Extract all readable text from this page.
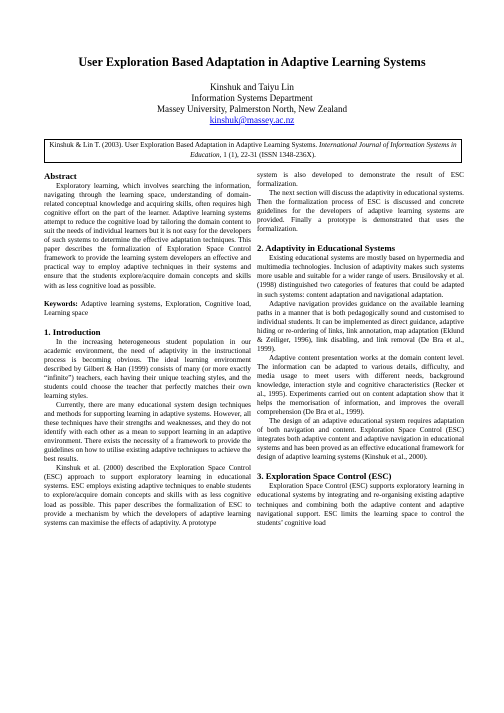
User Exploration Based Adaptation in Adaptive Learning Systems
Kinshuk and Taiyu Lin
Information Systems Department
Massey University, Palmerston North, New Zealand
kinshuk@massey.ac.nz
Kinshuk & Lin T. (2003). User Exploration Based Adaptation in Adaptive Learning Systems. International Journal of Information Systems in Education, 1 (1), 22-31 (ISSN 1348-236X).
Abstract

Exploratory learning, which involves searching the information, navigating through the learning space, understanding of domain-related conceptual knowledge and acquiring skills, often requires high cognitive effort on the part of the learner. Adaptive learning systems attempt to reduce the cognitive load by tailoring the domain content to suit the needs of individual learners but it is not easy for the developers of such systems to determine the effective adaptation techniques. This paper describes the formalization of Exploration Space Control framework to provide the learning system developers an effective and practical way to employ adaptive techniques in their systems and ensure that the students explore/acquire domain concepts and skills with as less cognitive load as possible.

Keywords: Adaptive learning systems, Exploration, Cognitive load, Learning space

1. Introduction

In the increasing heterogeneous student population in our academic environment, the need of adaptivity in the instructional process is becoming obvious. The ideal learning environment described by Gilbert & Han (1999) consists of many (or more exactly “infinite”) teachers, each having their unique teaching styles, and the students could choose the teacher that perfectly matches their own learning styles.

Currently, there are many educational system design techniques and methods for supporting learning in adaptive systems. However, all these techniques have their strengths and weaknesses, and they do not identify with each other as a mean to support learning in an adaptive environment. There exists the necessity of a framework to provide the guidelines on how to utilise existing adaptive techniques to achieve the best results.

Kinshuk et al. (2000) described the Exploration Space Control (ESC) approach to support exploratory learning in educational systems. ESC employs existing adaptive techniques to enable students to explore/acquire domain concepts and skills with as less cognitive load as possible. This paper describes the formalization of ESC to provide a mechanism by which the developers of adaptive learning systems can maximise the effects of adaptivity. A prototype

system is also developed to demonstrate the result of ESC formalization.

The next section will discuss the adaptivity in educational systems. Then the formalization process of ESC is discussed and concrete guidelines for the developers of adaptive learning systems are provided. Finally a prototype is demonstrated that uses the formalization.

2. Adaptivity in Educational Systems

Existing educational systems are mostly based on hypermedia and multimedia technologies. Inclusion of adaptivity makes such systems more usable and suitable for a wider range of users. Brusilovsky et al. (1998) distinguished two categories of features that could be adapted in such systems: content adaptation and navigational adaptation.

Adaptive navigation provides guidance on the available learning paths in a manner that is both pedagogically sound and customised to individual students. It can be implemented as direct guidance, adaptive hiding or re-ordering of links, link annotation, map adaptation (Eklund & Zeiliger, 1996), link disabling, and link removal (De Bra et al., 1999).

Adaptive content presentation works at the domain content level. The information can be adapted to various details, difficulty, and media usage to meet users with different needs, background knowledge, interaction style and cognitive characteristics (Recker et al., 1995). Experiments carried out on content adaptation show that it helps the memorisation of information, and improves the overall comprehension (De Bra et al., 1999).

The design of an adaptive educational system requires adaptation of both navigation and content. Exploration Space Control (ESC) integrates both adaptive content and adaptive navigation in educational systems and has been proved as an effective educational framework for design of adaptive learning systems (Kinshuk et al., 2000).

3. Exploration Space Control (ESC)

Exploration Space Control (ESC) supports exploratory learning in educational systems by integrating and re-organising existing adaptive techniques and combining both the adaptive content and adaptive navigational support. ESC limits the learning space to control the students’ cognitive load
